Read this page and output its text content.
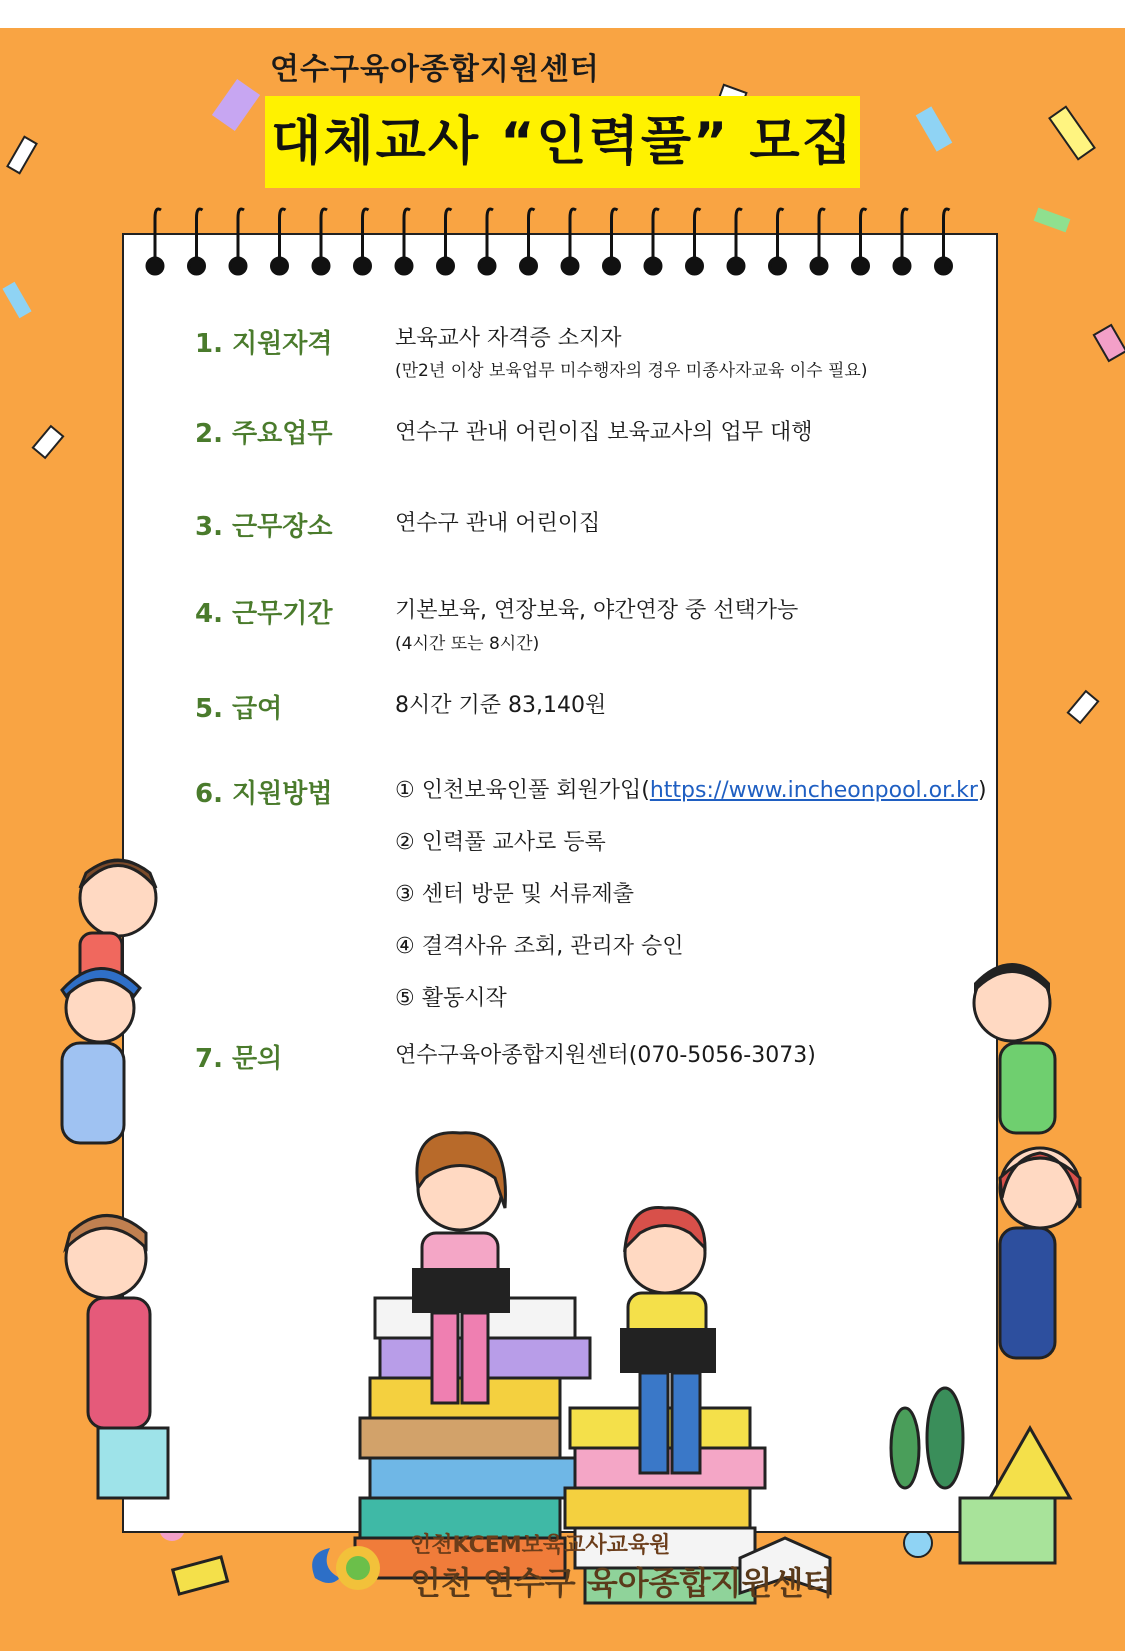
연수구육아종합지원센터
대체교사 “인력풀” 모집
1. 지원자격	보육교사 자격증 소지자
(만2년 이상 보육업무 미수행자의 경우 미종사자교육 이수 필요)
2. 주요업무	연수구 관내 어린이집 보육교사의 업무 대행
3. 근무장소	연수구 관내 어린이집
4. 근무기간	기본보육, 연장보육, 야간연장 중 선택가능
(4시간 또는 8시간)
5. 급여	8시간 기준 83,140원
6. 지원방법	① 인천보육인풀 회원가입(https://www.incheonpool.or.kr)
② 인력풀 교사로 등록
③ 센터 방문 및 서류제출
④ 결격사유 조회, 관리자 승인
⑤ 활동시작
7. 문의	연수구육아종합지원센터(070-5056-3073)
인천KCEM보육교사교육원
인천 연수구 육아종합지원센터
